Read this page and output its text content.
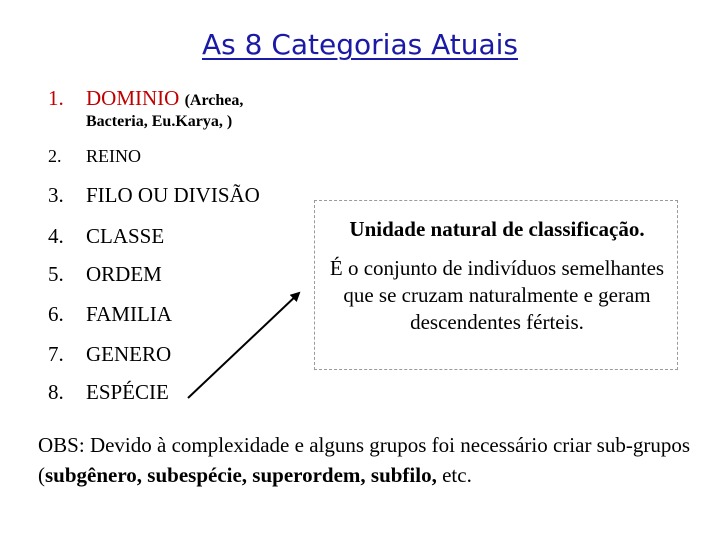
As 8 Categorias Atuais
1. DOMINIO (Archea,
Bacteria, Eu.Karya, )
2. REINO
3. FILO OU DIVISÃO
4. CLASSE
5. ORDEM
6. FAMILIA
7. GENERO
8. ESPÉCIE
Unidade natural de classificação.
É o conjunto de indivíduos semelhantes que se cruzam naturalmente e geram descendentes férteis.
OBS: Devido à complexidade e alguns grupos foi necessário criar sub-grupos (subgênero, subespécie, superordem, subfilo, etc.
